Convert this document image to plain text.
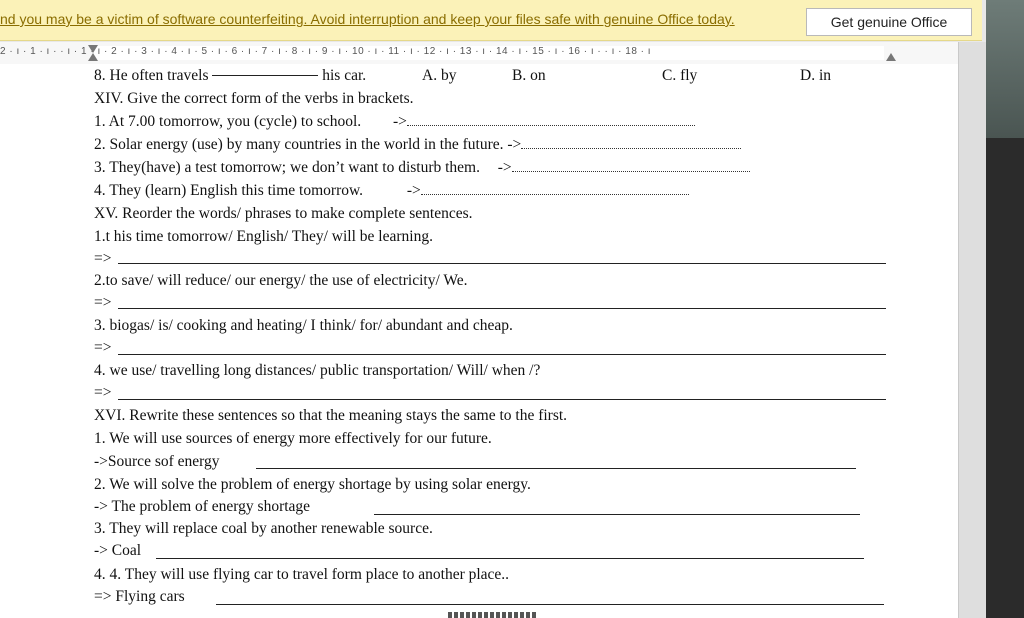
nd you may be a victim of software counterfeiting. Avoid interruption and keep your files safe with genuine Office today.	Get genuine Office
2 · ı · 1 · ı · · ı · 1 · ı · 2 · ı · 3 · ı · 4 · ı · 5 · ı · 6 · ı · 7 · ı · 8 · ı · 9 · ı · 10 · ı · 11 · ı · 12 · ı · 13 · ı · 14 · ı · 15 · ı · 16 · ı · · ı · 18 · ı
8. He often travels	his car.	A. by	B. on	C. fly	D. in
XIV. Give the correct form of the verbs in brackets.
1. At 7.00 tomorrow, you (cycle) to school. ->
2. Solar energy (use) by many countries in the world in the future. ->
3. They(have) a test tomorrow; we don’t want to disturb them. ->
4. They (learn) English this time tomorrow.	->
XV. Reorder the words/ phrases to make complete sentences.
1.t his time tomorrow/ English/ They/ will be learning.
=>
2.to save/ will reduce/ our energy/ the use of electricity/ We.
=>
3. biogas/ is/ cooking and heating/ I think/ for/ abundant and cheap.
=>
4. we use/ travelling long distances/ public transportation/ Will/ when /?
=>
XVI. Rewrite these sentences so that the meaning stays the same to the first.
1. We will use sources of energy more effectively for our future.
->Source sof energy
2. We will solve the problem of energy shortage by using solar energy.
-> The problem of energy shortage
3. They will replace coal by another renewable source.
-> Coal
4. 4. They will use flying car to travel form place to another place..
=> Flying cars
